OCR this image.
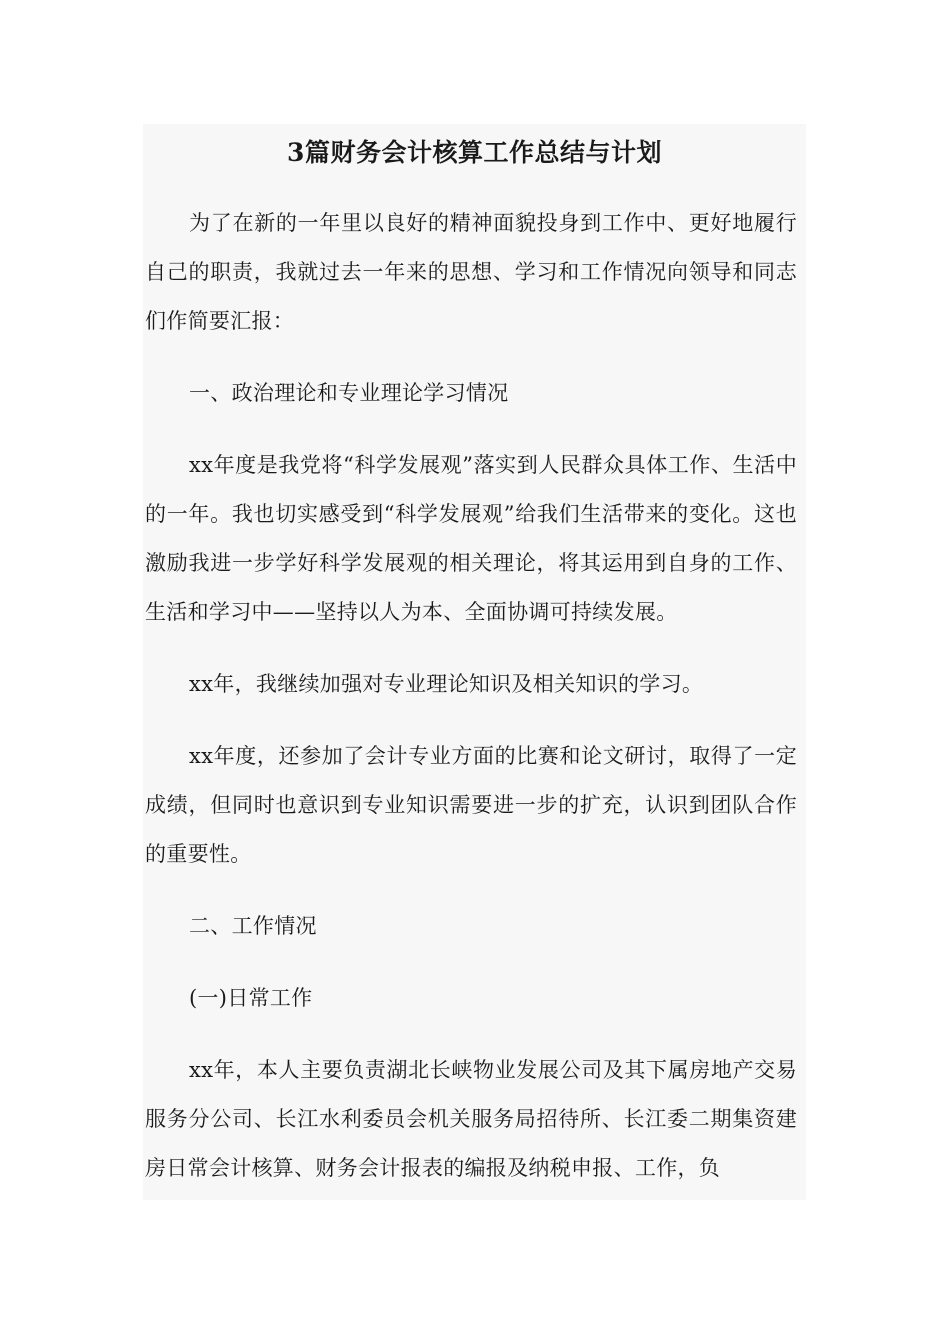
3篇财务会计核算工作总结与计划

为了在新的一年里以良好的精神面貌投身到工作中、更好地履行自己的职责，我就过去一年来的思想、学习和工作情况向领导和同志们作简要汇报：

一、政治理论和专业理论学习情况

xx年度是我党将“科学发展观”落实到人民群众具体工作、生活中的一年。我也切实感受到“科学发展观”给我们生活带来的变化。这也激励我进一步学好科学发展观的相关理论，将其运用到自身的工作、生活和学习中——坚持以人为本、全面协调可持续发展。

xx年，我继续加强对专业理论知识及相关知识的学习。

xx年度，还参加了会计专业方面的比赛和论文研讨，取得了一定成绩，但同时也意识到专业知识需要进一步的扩充，认识到团队合作的重要性。

二、工作情况

(一)日常工作

xx年，本人主要负责湖北长峡物业发展公司及其下属房地产交易服务分公司、长江水利委员会机关服务局招待所、长江委二期集资建房日常会计核算、财务会计报表的编报及纳税申报、工作，负
